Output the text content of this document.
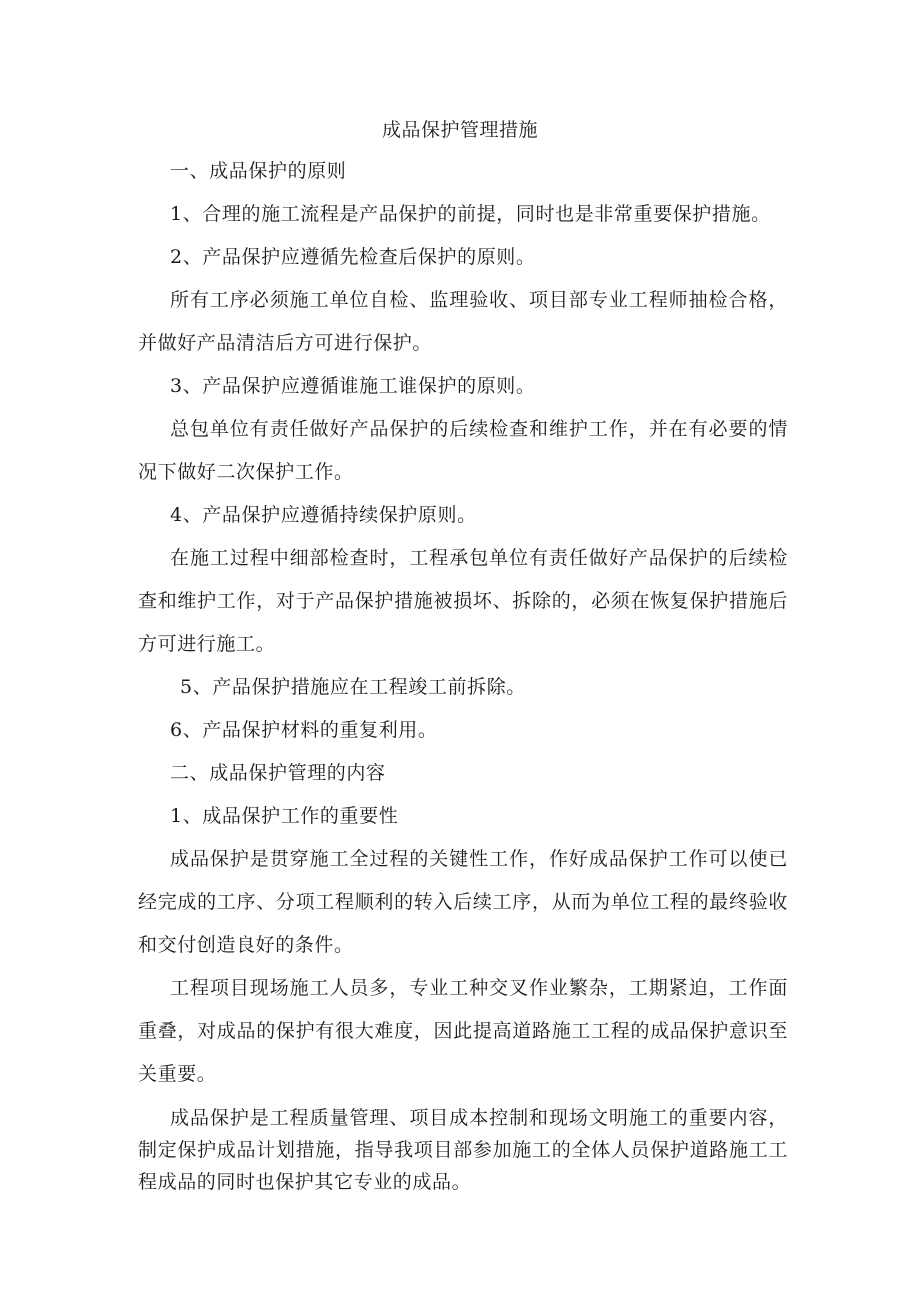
成品保护管理措施

一、成品保护的原则

1、合理的施工流程是产品保护的前提，同时也是非常重要保护措施。

2、产品保护应遵循先检查后保护的原则。

所有工序必须施工单位自检、监理验收、项目部专业工程师抽检合格，并做好产品清洁后方可进行保护。

3、产品保护应遵循谁施工谁保护的原则。

总包单位有责任做好产品保护的后续检查和维护工作，并在有必要的情况下做好二次保护工作。

4、产品保护应遵循持续保护原则。

在施工过程中细部检查时，工程承包单位有责任做好产品保护的后续检查和维护工作，对于产品保护措施被损坏、拆除的，必须在恢复保护措施后方可进行施工。

5、产品保护措施应在工程竣工前拆除。

6、产品保护材料的重复利用。

二、成品保护管理的内容

1、成品保护工作的重要性

成品保护是贯穿施工全过程的关键性工作，作好成品保护工作可以使已经完成的工序、分项工程顺利的转入后续工序，从而为单位工程的最终验收和交付创造良好的条件。

工程项目现场施工人员多，专业工种交叉作业繁杂，工期紧迫，工作面重叠，对成品的保护有很大难度，因此提高道路施工工程的成品保护意识至关重要。

成品保护是工程质量管理、项目成本控制和现场文明施工的重要内容，制定保护成品计划措施，指导我项目部参加施工的全体人员保护道路施工工程成品的同时也保护其它专业的成品。
